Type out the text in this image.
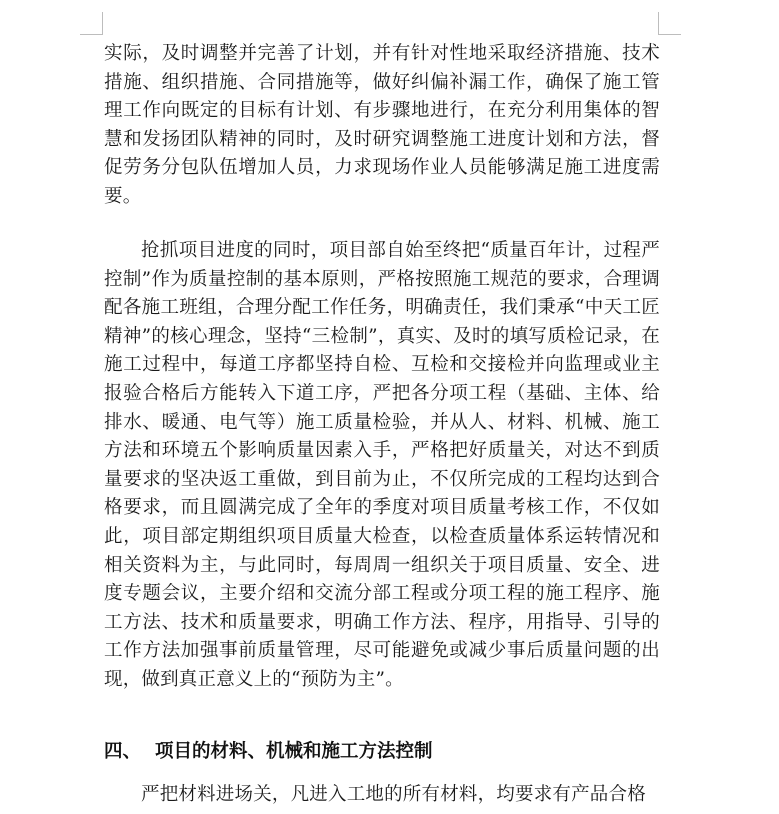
实际，及时调整并完善了计划，并有针对性地采取经济措施、技术措施、组织措施、合同措施等，做好纠偏补漏工作，确保了施工管理工作向既定的目标有计划、有步骤地进行，在充分利用集体的智慧和发扬团队精神的同时，及时研究调整施工进度计划和方法，督促劳务分包队伍增加人员，力求现场作业人员能够满足施工进度需要。

抢抓项目进度的同时，项目部自始至终把“质量百年计，过程严控制”作为质量控制的基本原则，严格按照施工规范的要求，合理调配各施工班组，合理分配工作任务，明确责任，我们秉承“中天工匠精神”的核心理念，坚持“三检制”，真实、及时的填写质检记录，在施工过程中，每道工序都坚持自检、互检和交接检并向监理或业主报验合格后方能转入下道工序，严把各分项工程（基础、主体、给排水、暖通、电气等）施工质量检验，并从人、材料、机械、施工方法和环境五个影响质量因素入手，严格把好质量关，对达不到质量要求的坚决返工重做，到目前为止，不仅所完成的工程均达到合格要求，而且圆满完成了全年的季度对项目质量考核工作，不仅如此，项目部定期组织项目质量大检查，以检查质量体系运转情况和相关资料为主，与此同时，每周周一组织关于项目质量、安全、进度专题会议，主要介绍和交流分部工程或分项工程的施工程序、施工方法、技术和质量要求，明确工作方法、程序，用指导、引导的工作方法加强事前质量管理，尽可能避免或减少事后质量问题的出现，做到真正意义上的“预防为主”。

四、 项目的材料、机械和施工方法控制

严把材料进场关，凡进入工地的所有材料，均要求有产品合格
